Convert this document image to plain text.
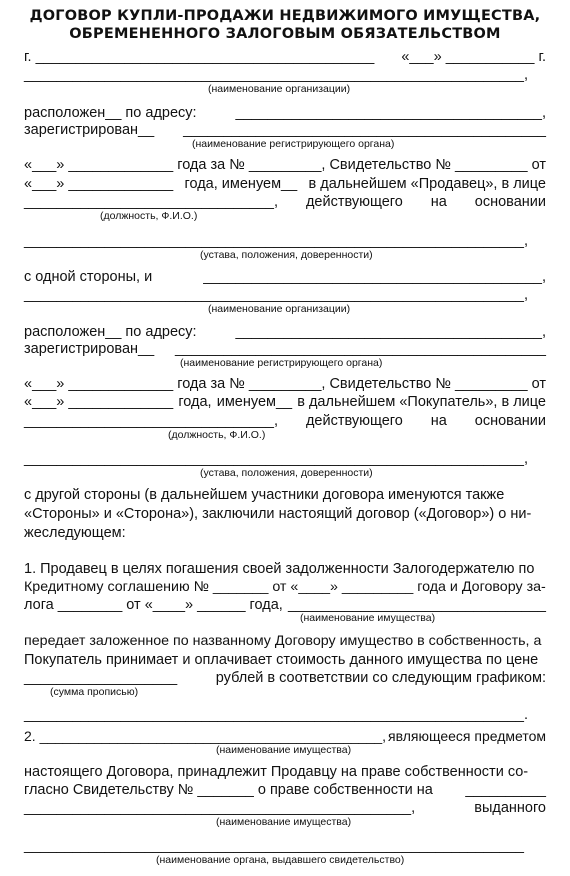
ДОГОВОР КУПЛИ-ПРОДАЖИ НЕДВИЖИМОГО ИМУЩЕСТВА,
ОБРЕМЕНЕННОГО ЗАЛОГОВЫМ ОБЯЗАТЕЛЬСТВОМ
г. __________________________________________ «___» ___________ г.
______________________________________________________________,
(наименование организации)
расположен__ по адресу:	______________________________________,
зарегистрирован__ _____________________________________________
(наименование регистрирующего органа)
«___» _____________ года за № _________, Свидетельство № _________ от
«___» _____________ года, именуем__ в дальнейшем «Продавец», в лице
_______________________________, действующего на основании
(должность, Ф.И.О.)
______________________________________________________________,
(устава, положения, доверенности)
с одной стороны, и	__________________________________________,
______________________________________________________________,
(наименование организации)
расположен__ по адресу:	______________________________________,
зарегистрирован__ ______________________________________________
(наименование регистрирующего органа)
«___» _____________ года за № _________, Свидетельство № _________ от
«___» _____________ года, именуем__ в дальнейшем «Покупатель», в лице
_______________________________, действующего на основании
(должность, Ф.И.О.)
______________________________________________________________,
(устава, положения, доверенности)
с другой стороны (в дальнейшем участники договора именуются также
«Стороны» и «Сторона»), заключили настоящий договор («Договор») о ни-
жеследующем:
1. Продавец в целях погашения своей задолженности Залогодержателю по
Кредитному соглашению № _______ от «____» _________ года и Договору за-
лога ________ от «____» ______ года, ________________________________
(наименование имущества)
передает заложенное по названному Договору имущество в собственность, а
Покупатель принимает и оплачивает стоимость данного имущества по цене
___________________	рублей в соответствии со следующим графиком:
(сумма прописью)
______________________________________________________________.
2. ____________________________________________, являющееся предметом
(наименование имущества)
настоящего Договора, принадлежит Продавцу на праве собственности со-
гласно Свидетельству № _______ о праве собственности на __________
________________________________________________,	выданного
(наименование имущества)
______________________________________________________________
(наименование органа, выдавшего свидетельство)
